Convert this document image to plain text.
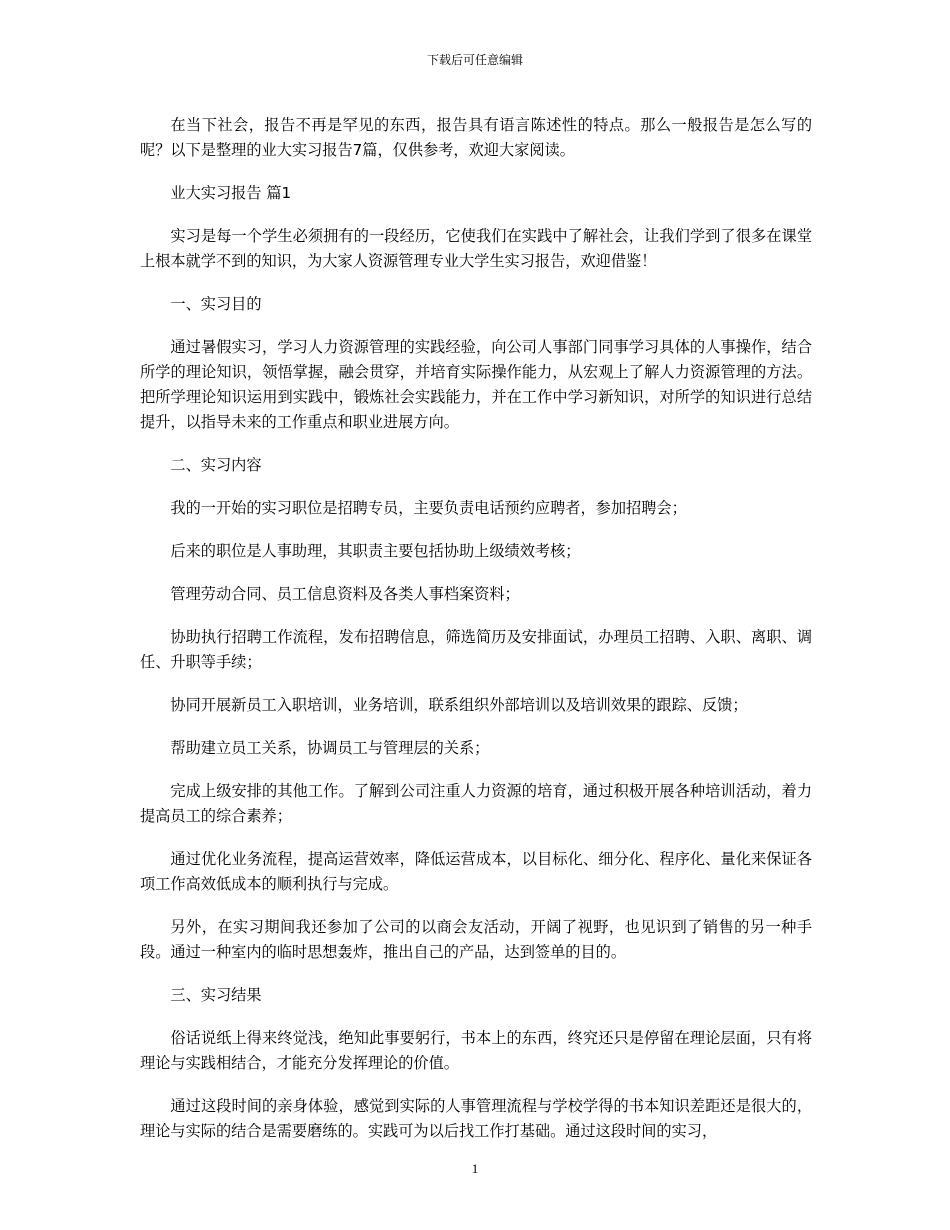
下载后可任意编辑

在当下社会，报告不再是罕见的东西，报告具有语言陈述性的特点。那么一般报告是怎么写的呢？以下是整理的业大实习报告7篇，仅供参考，欢迎大家阅读。

业大实习报告 篇1

实习是每一个学生必须拥有的一段经历，它使我们在实践中了解社会，让我们学到了很多在课堂上根本就学不到的知识，为大家人资源管理专业大学生实习报告，欢迎借鉴！

一、实习目的

通过暑假实习，学习人力资源管理的实践经验，向公司人事部门同事学习具体的人事操作，结合所学的理论知识，领悟掌握，融会贯穿，并培育实际操作能力，从宏观上了解人力资源管理的方法。把所学理论知识运用到实践中，锻炼社会实践能力，并在工作中学习新知识，对所学的知识进行总结提升，以指导未来的工作重点和职业进展方向。

二、实习内容

我的一开始的实习职位是招聘专员，主要负责电话预约应聘者，参加招聘会；

后来的职位是人事助理，其职责主要包括协助上级绩效考核；

管理劳动合同、员工信息资料及各类人事档案资料；

协助执行招聘工作流程，发布招聘信息，筛选简历及安排面试，办理员工招聘、入职、离职、调任、升职等手续；

协同开展新员工入职培训，业务培训，联系组织外部培训以及培训效果的跟踪、反馈；

帮助建立员工关系，协调员工与管理层的关系；

完成上级安排的其他工作。了解到公司注重人力资源的培育，通过积极开展各种培训活动，着力提高员工的综合素养；

通过优化业务流程，提高运营效率，降低运营成本，以目标化、细分化、程序化、量化来保证各项工作高效低成本的顺利执行与完成。

另外，在实习期间我还参加了公司的以商会友活动，开阔了视野，也见识到了销售的另一种手段。通过一种室内的临时思想轰炸，推出自己的产品，达到签单的目的。

三、实习结果

俗话说纸上得来终觉浅，绝知此事要躬行，书本上的东西，终究还只是停留在理论层面，只有将理论与实践相结合，才能充分发挥理论的价值。

通过这段时间的亲身体验，感觉到实际的人事管理流程与学校学得的书本知识差距还是很大的，理论与实际的结合是需要磨练的。实践可为以后找工作打基础。通过这段时间的实习，

1
